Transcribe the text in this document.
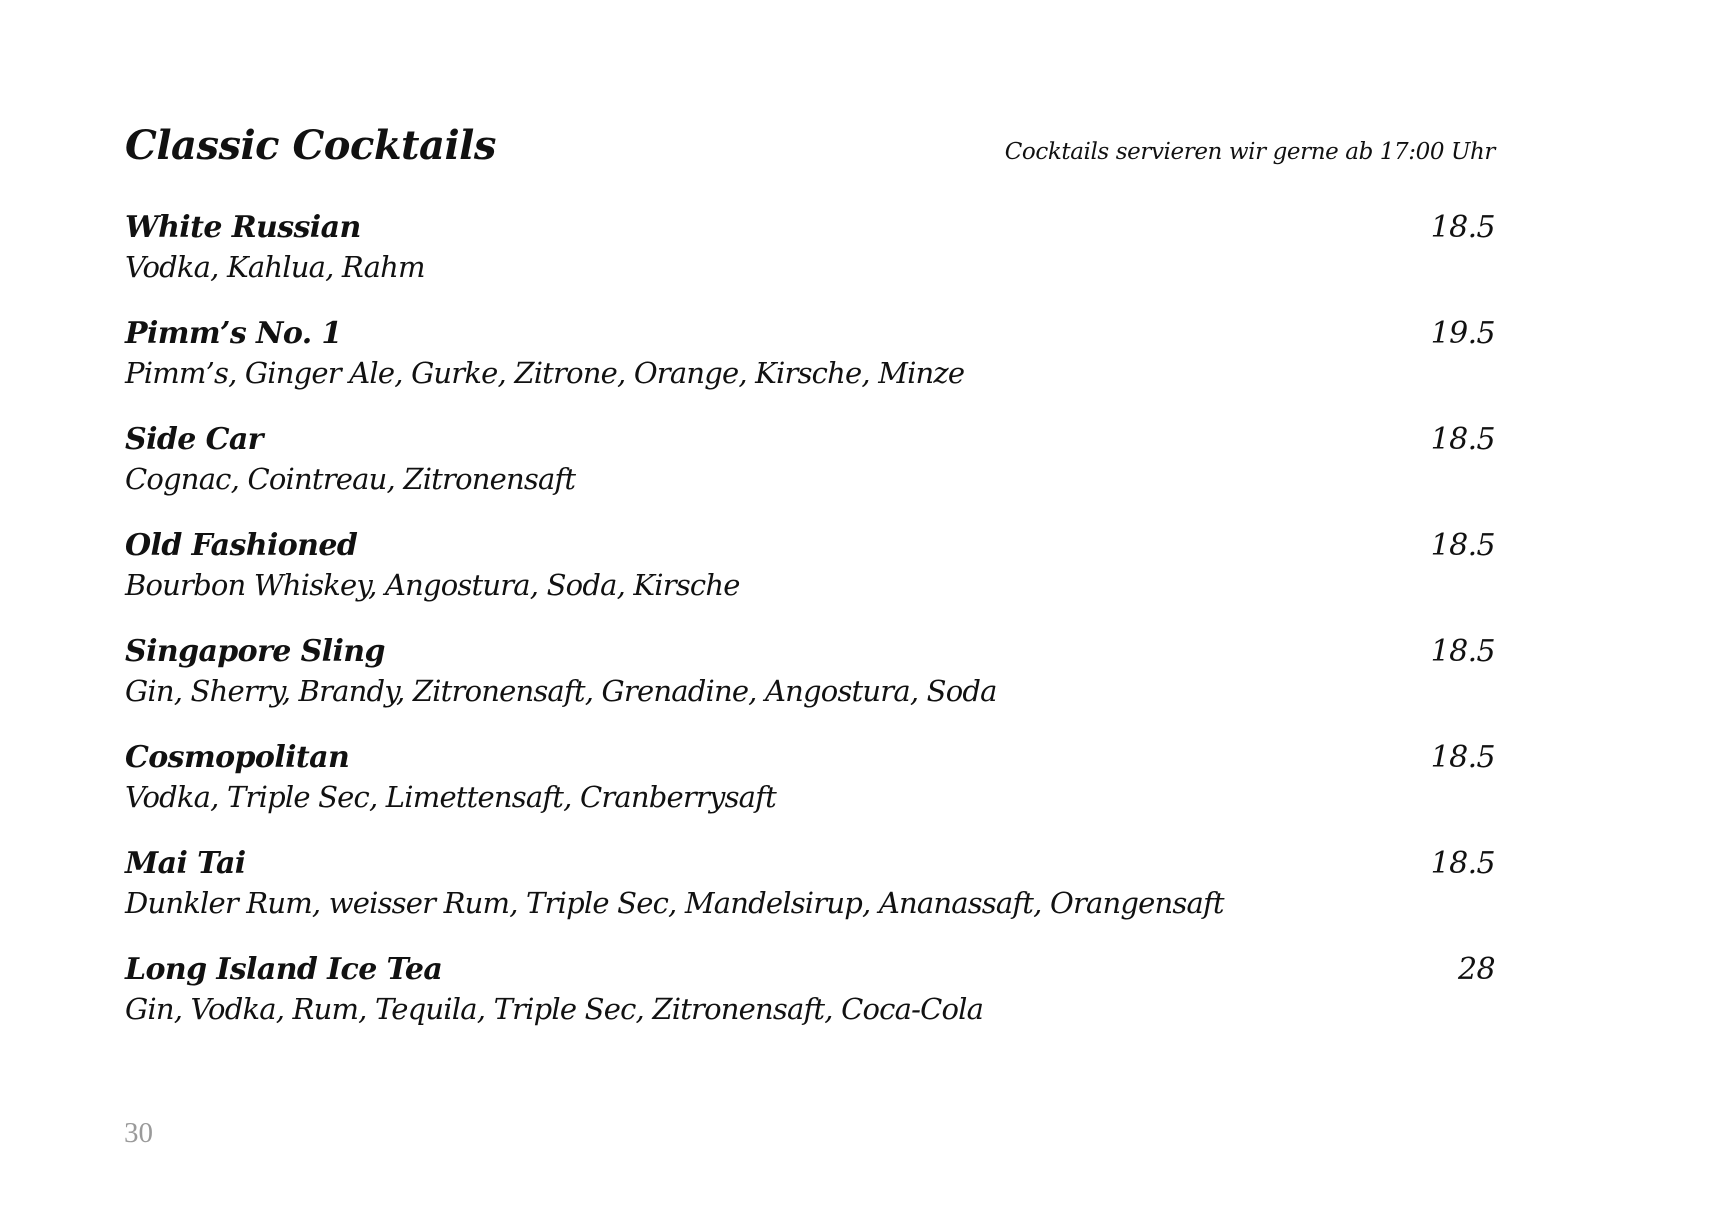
Classic Cocktails	Cocktails servieren wir gerne ab 17:00 Uhr
White Russian	18.5
Vodka, Kahlua, Rahm
Pimm’s No. 1	19.5
Pimm’s, Ginger Ale, Gurke, Zitrone, Orange, Kirsche, Minze
Side Car	18.5
Cognac, Cointreau, Zitronensaft
Old Fashioned	18.5
Bourbon Whiskey, Angostura, Soda, Kirsche
Singapore Sling	18.5
Gin, Sherry, Brandy, Zitronensaft, Grenadine, Angostura, Soda
Cosmopolitan	18.5
Vodka, Triple Sec, Limettensaft, Cranberrysaft
Mai Tai	18.5
Dunkler Rum, weisser Rum, Triple Sec, Mandelsirup, Ananassaft, Orangensaft
Long Island Ice Tea	28
Gin, Vodka, Rum, Tequila, Triple Sec, Zitronensaft, Coca-Cola
30
